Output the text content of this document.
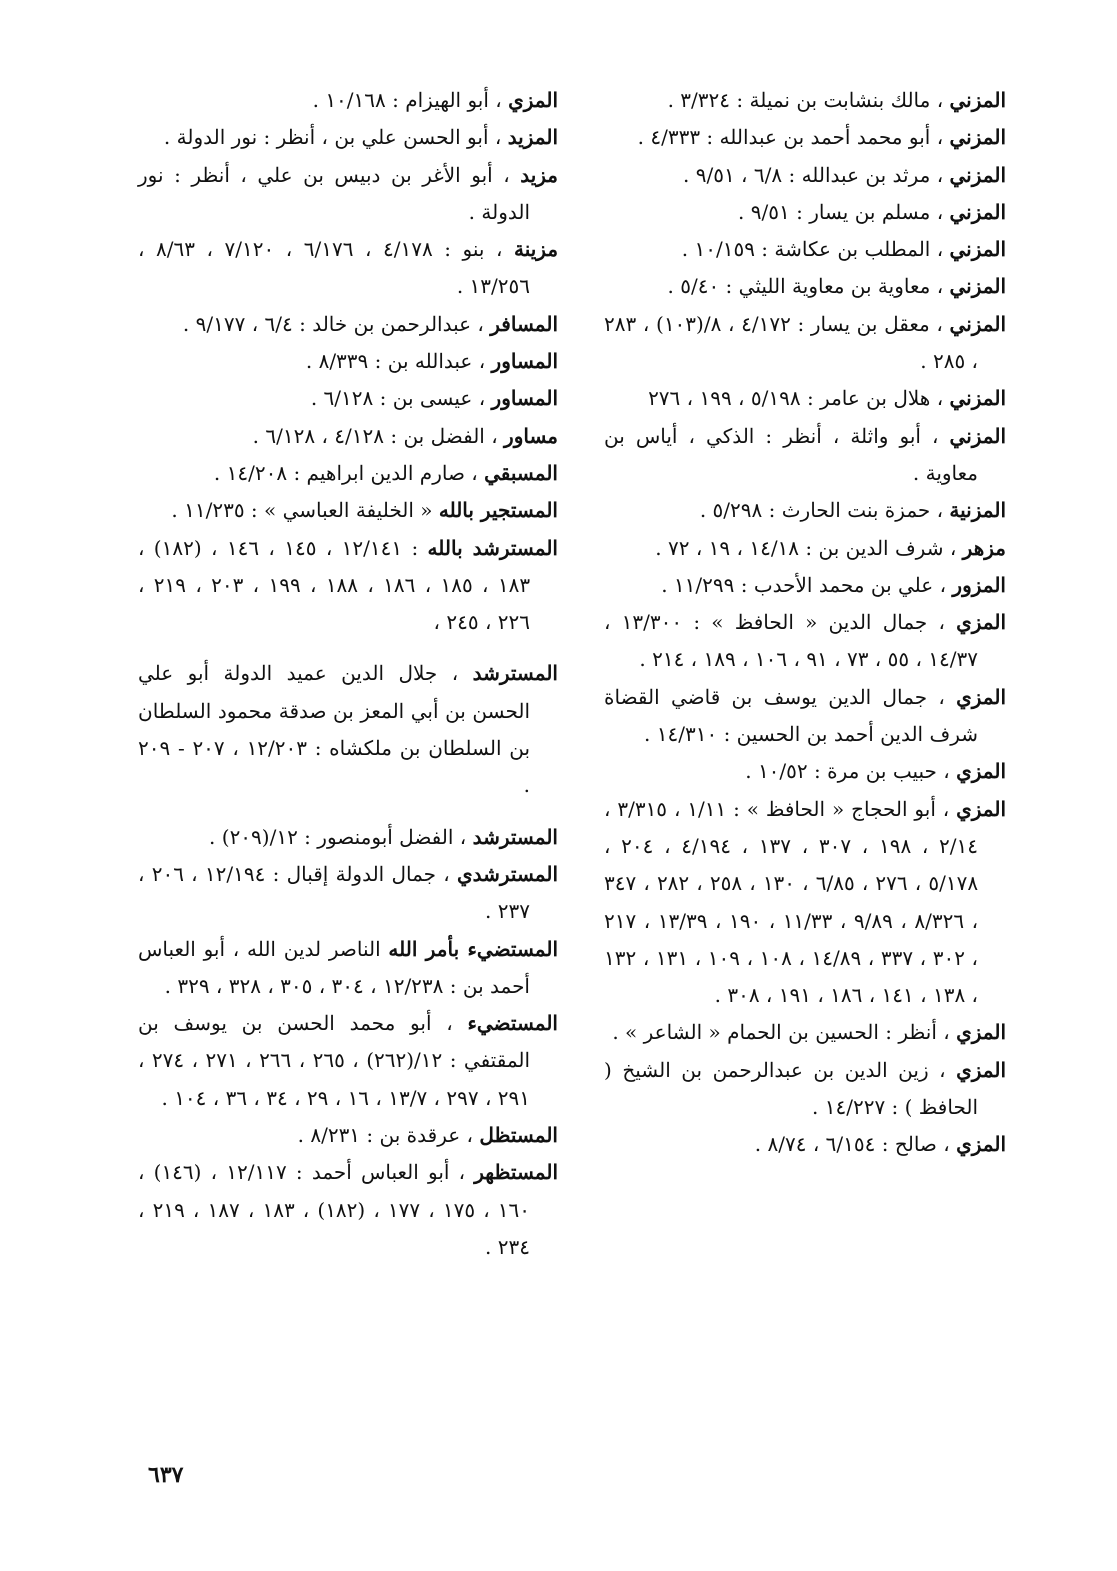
المزني ، مالك بنشابت بن نميلة : ٣/٣٢٤ .

المزني ، أبو محمد أحمد بن عبدالله : ٤/٣٣٣ .

المزني ، مرثد بن عبدالله : ٦/٨ ، ٩/٥١ .

المزني ، مسلم بن يسار : ٩/٥١ .

المزني ، المطلب بن عكاشة : ١٠/١٥٩ .

المزني ، معاوية بن معاوية الليثي : ٥/٤٠ .

المزني ، معقل بن يسار : ٤/١٧٢ ، ٨/(١٠٣) ، ٢٨٣ ، ٢٨٥ .

المزني ، هلال بن عامر : ٥/١٩٨ ، ١٩٩ ، ٢٧٦

المزني ، أبو واثلة ، أنظر : الذكي ، أياس بن معاوية .

المزنية ، حمزة بنت الحارث : ٥/٢٩٨ .

مزهر ، شرف الدين بن : ١٤/١٨ ، ١٩ ، ٧٢ .

المزور ، علي بن محمد الأحدب : ١١/٢٩٩ .

المزي ، جمال الدين « الحافظ » : ١٣/٣٠٠ ، ١٤/٣٧ ، ٥٥ ، ٧٣ ، ٩١ ، ١٠٦ ، ١٨٩ ، ٢١٤ .

المزي ، جمال الدين يوسف بن قاضي القضاة شرف الدين أحمد بن الحسين : ١٤/٣١٠ .

المزي ، حبيب بن مرة : ١٠/٥٢ .

المزي ، أبو الحجاج « الحافظ » : ١/١١ ، ٣/٣١٥ ، ٢/١٤ ، ١٩٨ ، ٣٠٧ ، ١٣٧ ، ٤/١٩٤ ، ٢٠٤ ، ٥/١٧٨ ، ٢٧٦ ، ٦/٨٥ ، ١٣٠ ، ٢٥٨ ، ٢٨٢ ، ٣٤٧ ، ٨/٣٢٦ ، ٩/٨٩ ، ١١/٣٣ ، ١٩٠ ، ١٣/٣٩ ، ٢١٧ ، ٣٠٢ ، ٣٣٧ ، ١٤/٨٩ ، ١٠٨ ، ١٠٩ ، ١٣١ ، ١٣٢ ، ١٣٨ ، ١٤١ ، ١٨٦ ، ١٩١ ، ٣٠٨ .

المزي ، أنظر : الحسين بن الحمام « الشاعر » .

المزي ، زين الدين بن عبدالرحمن بن الشيخ ( الحافظ ) : ١٤/٢٢٧ .

المزي ، صالح : ٦/١٥٤ ، ٨/٧٤ .

المزي ، أبو الهيزام : ١٠/١٦٨ .

المزيد ، أبو الحسن علي بن ، أنظر : نور الدولة .

مزيد ، أبو الأغر بن دبيس بن علي ، أنظر : نور الدولة .

مزينة ، بنو : ٤/١٧٨ ، ٦/١٧٦ ، ٧/١٢٠ ، ٨/٦٣ ، ١٣/٢٥٦ .

المسافر ، عبدالرحمن بن خالد : ٦/٤ ، ٩/١٧٧ .

المساور ، عبدالله بن : ٨/٣٣٩ .

المساور ، عيسى بن : ٦/١٢٨ .

مساور ، الفضل بن : ٤/١٢٨ ، ٦/١٢٨ .

المسبقي ، صارم الدين ابراهيم : ١٤/٢٠٨ .

المستجير بالله « الخليفة العباسي » : ١١/٢٣٥ .

المسترشد بالله : ١٢/١٤١ ، ١٤٥ ، ١٤٦ ، (١٨٢) ، ١٨٣ ، ١٨٥ ، ١٨٦ ، ١٨٨ ، ١٩٩ ، ٢٠٣ ، ٢١٩ ، ٢٢٦ ، ٢٤٥ ،

المسترشد ، جلال الدين عميد الدولة أبو علي الحسن بن أبي المعز بن صدقة محمود السلطان بن السلطان بن ملكشاه : ١٢/٢٠٣ ، ٢٠٧ - ٢٠٩ .

المسترشد ، الفضل أبومنصور : ١٢/(٢٠٩) .

المسترشدي ، جمال الدولة إقبال : ١٢/١٩٤ ، ٢٠٦ ، ٢٣٧ .

المستضيء بأمر الله الناصر لدين الله ، أبو العباس أحمد بن : ١٢/٢٣٨ ، ٣٠٤ ، ٣٠٥ ، ٣٢٨ ، ٣٢٩ .

المستضيء ، أبو محمد الحسن بن يوسف بن المقتفي : ١٢/(٢٦٢) ، ٢٦٥ ، ٢٦٦ ، ٢٧١ ، ٢٧٤ ، ٢٩١ ، ٢٩٧ ، ١٣/٧ ، ١٦ ، ٢٩ ، ٣٤ ، ٣٦ ، ١٠٤ .

المستظل ، عرقدة بن : ٨/٢٣١ .

المستظهر ، أبو العباس أحمد : ١٢/١١٧ ، (١٤٦) ، ١٦٠ ، ١٧٥ ، ١٧٧ ، (١٨٢) ، ١٨٣ ، ١٨٧ ، ٢١٩ ، ٢٣٤ .

٦٣٧
